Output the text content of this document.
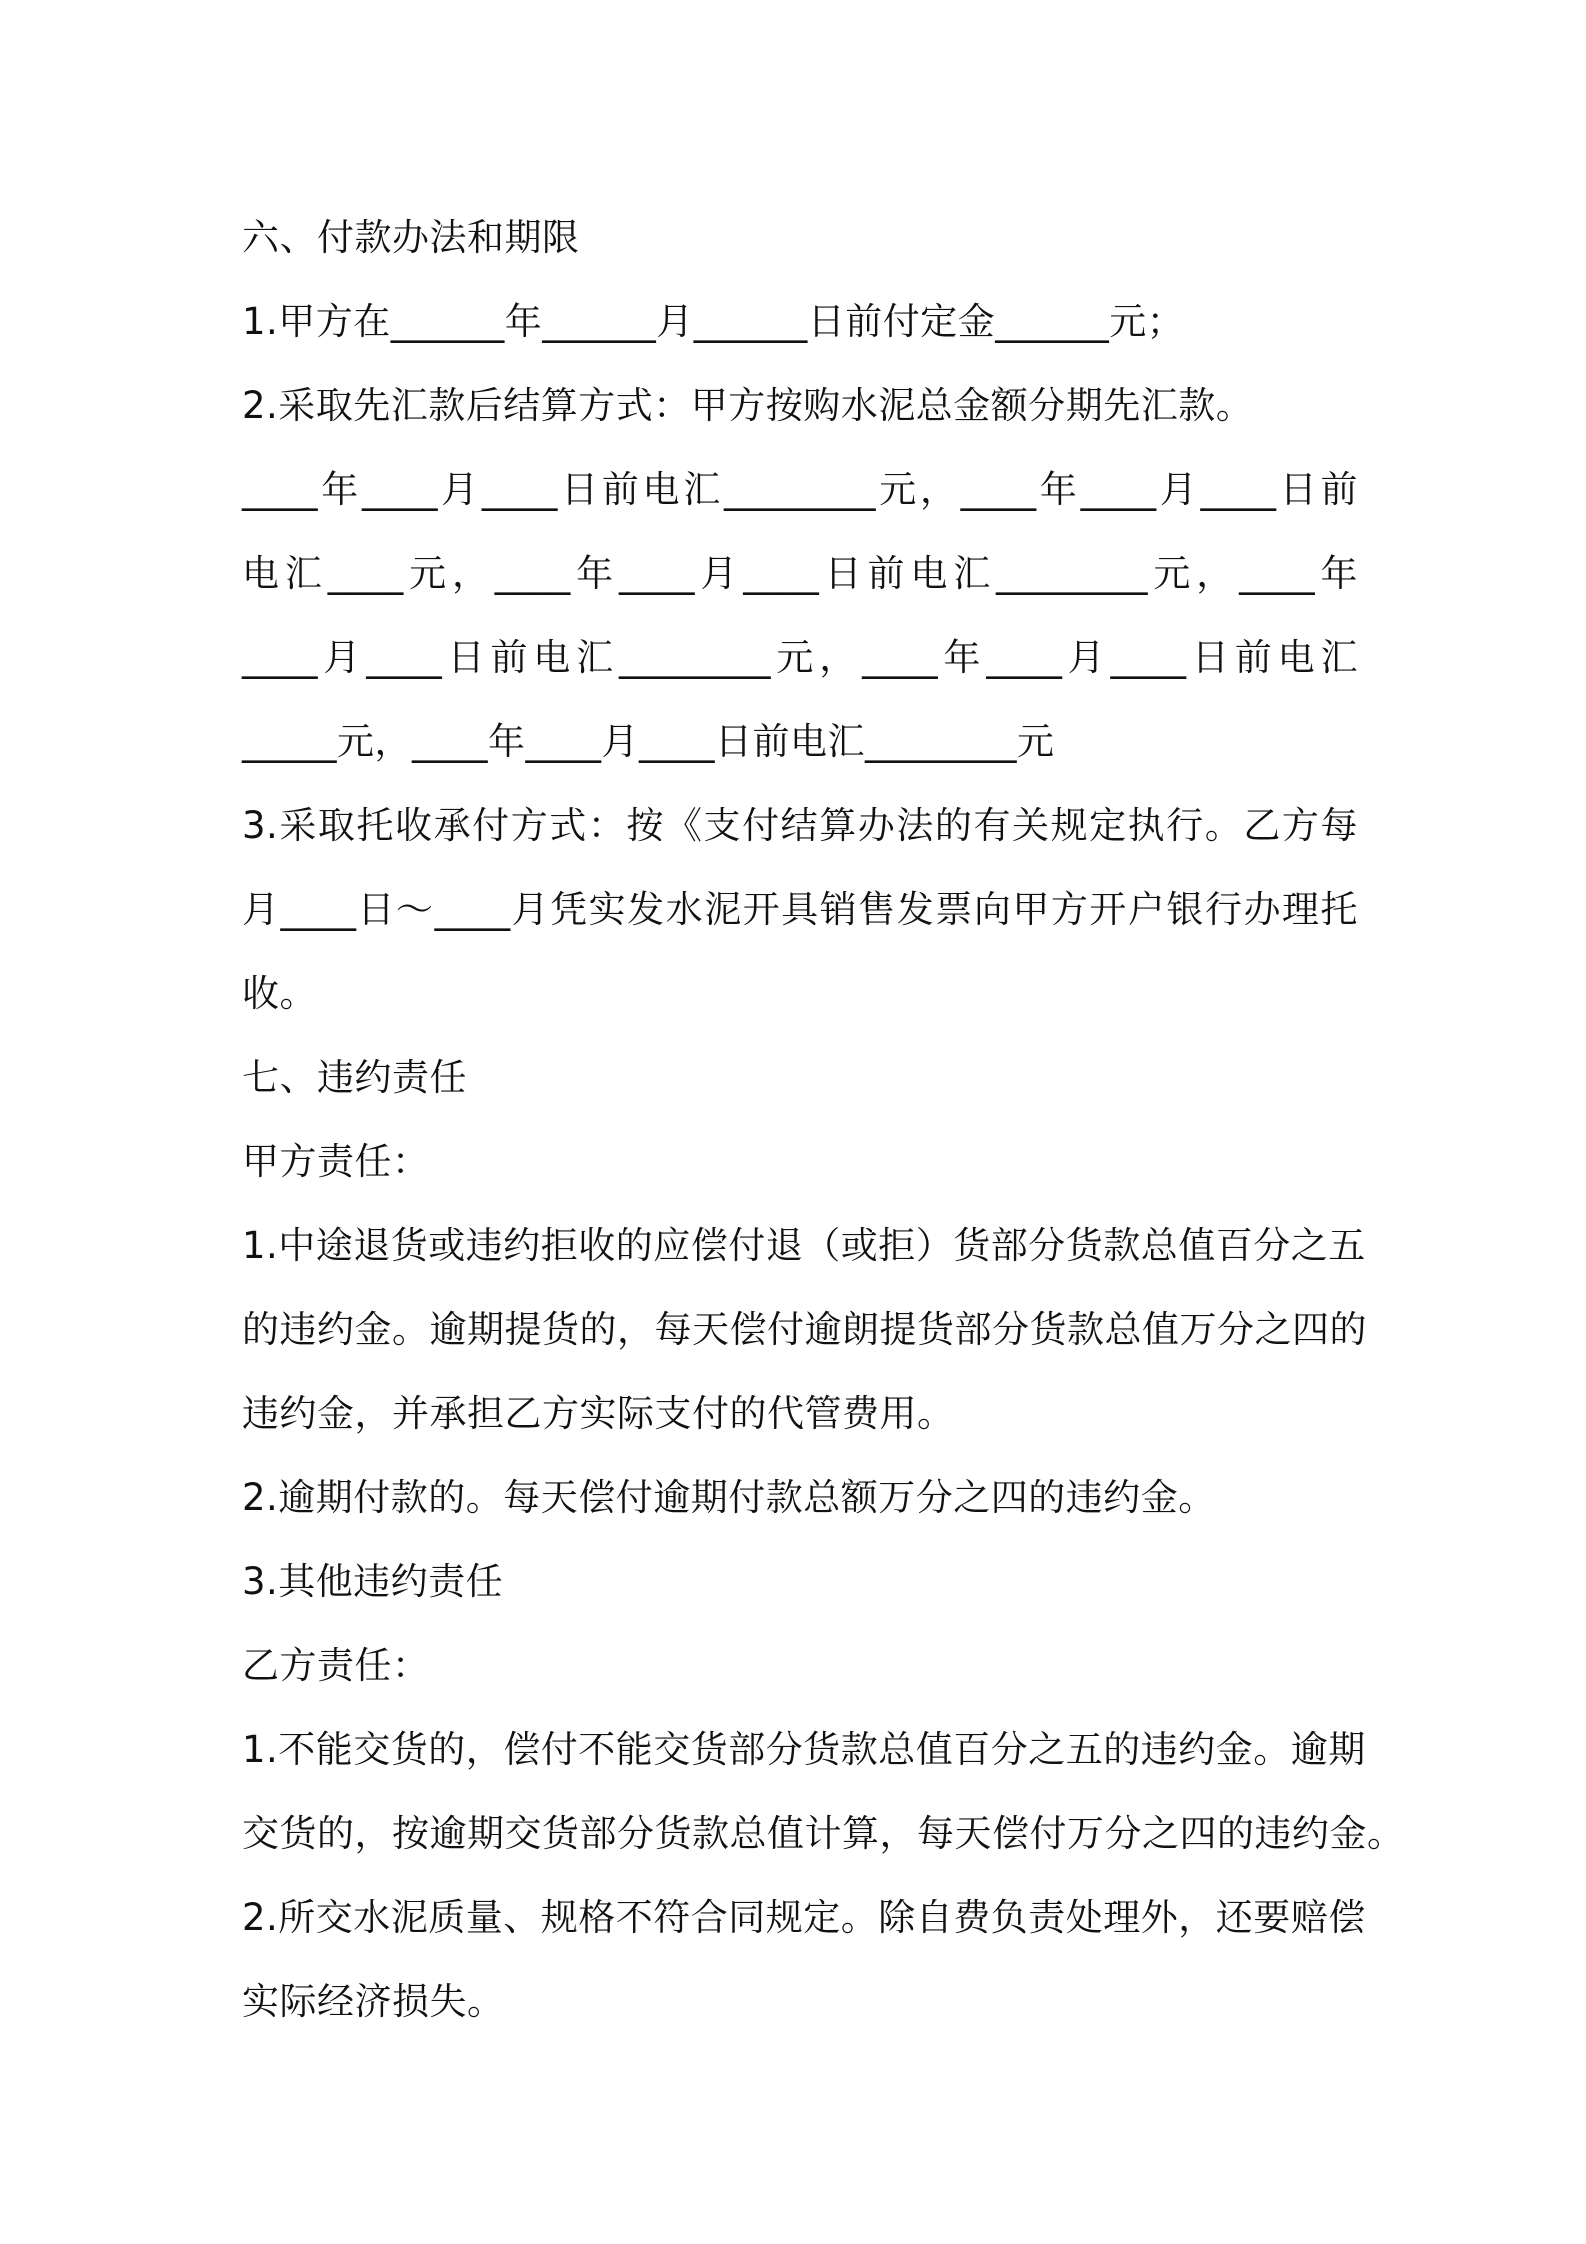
六、付款办法和期限
1.甲方在______年______月______日前付定金______元；
2.采取先汇款后结算方式：甲方按购水泥总金额分期先汇款。
____年____月____日前电汇________元，____年____月____日前
电汇____元，____年____月____日前电汇________元，____年
____月____日前电汇________元，____年____月____日前电汇
_____元，____年____月____日前电汇________元
3.采取托收承付方式：按《支付结算办法的有关规定执行。乙方每
月____日～____月凭实发水泥开具销售发票向甲方开户银行办理托
收。
七、违约责任
甲方责任：
1.中途退货或违约拒收的应偿付退（或拒）货部分货款总值百分之五
的违约金。逾期提货的，每天偿付逾朗提货部分货款总值万分之四的
违约金，并承担乙方实际支付的代管费用。
2.逾期付款的。每天偿付逾期付款总额万分之四的违约金。
3.其他违约责任
乙方责任：
1.不能交货的，偿付不能交货部分货款总值百分之五的违约金。逾期
交货的，按逾期交货部分货款总值计算，每天偿付万分之四的违约金。
2.所交水泥质量、规格不符合同规定。除自费负责处理外，还要赔偿
实际经济损失。
